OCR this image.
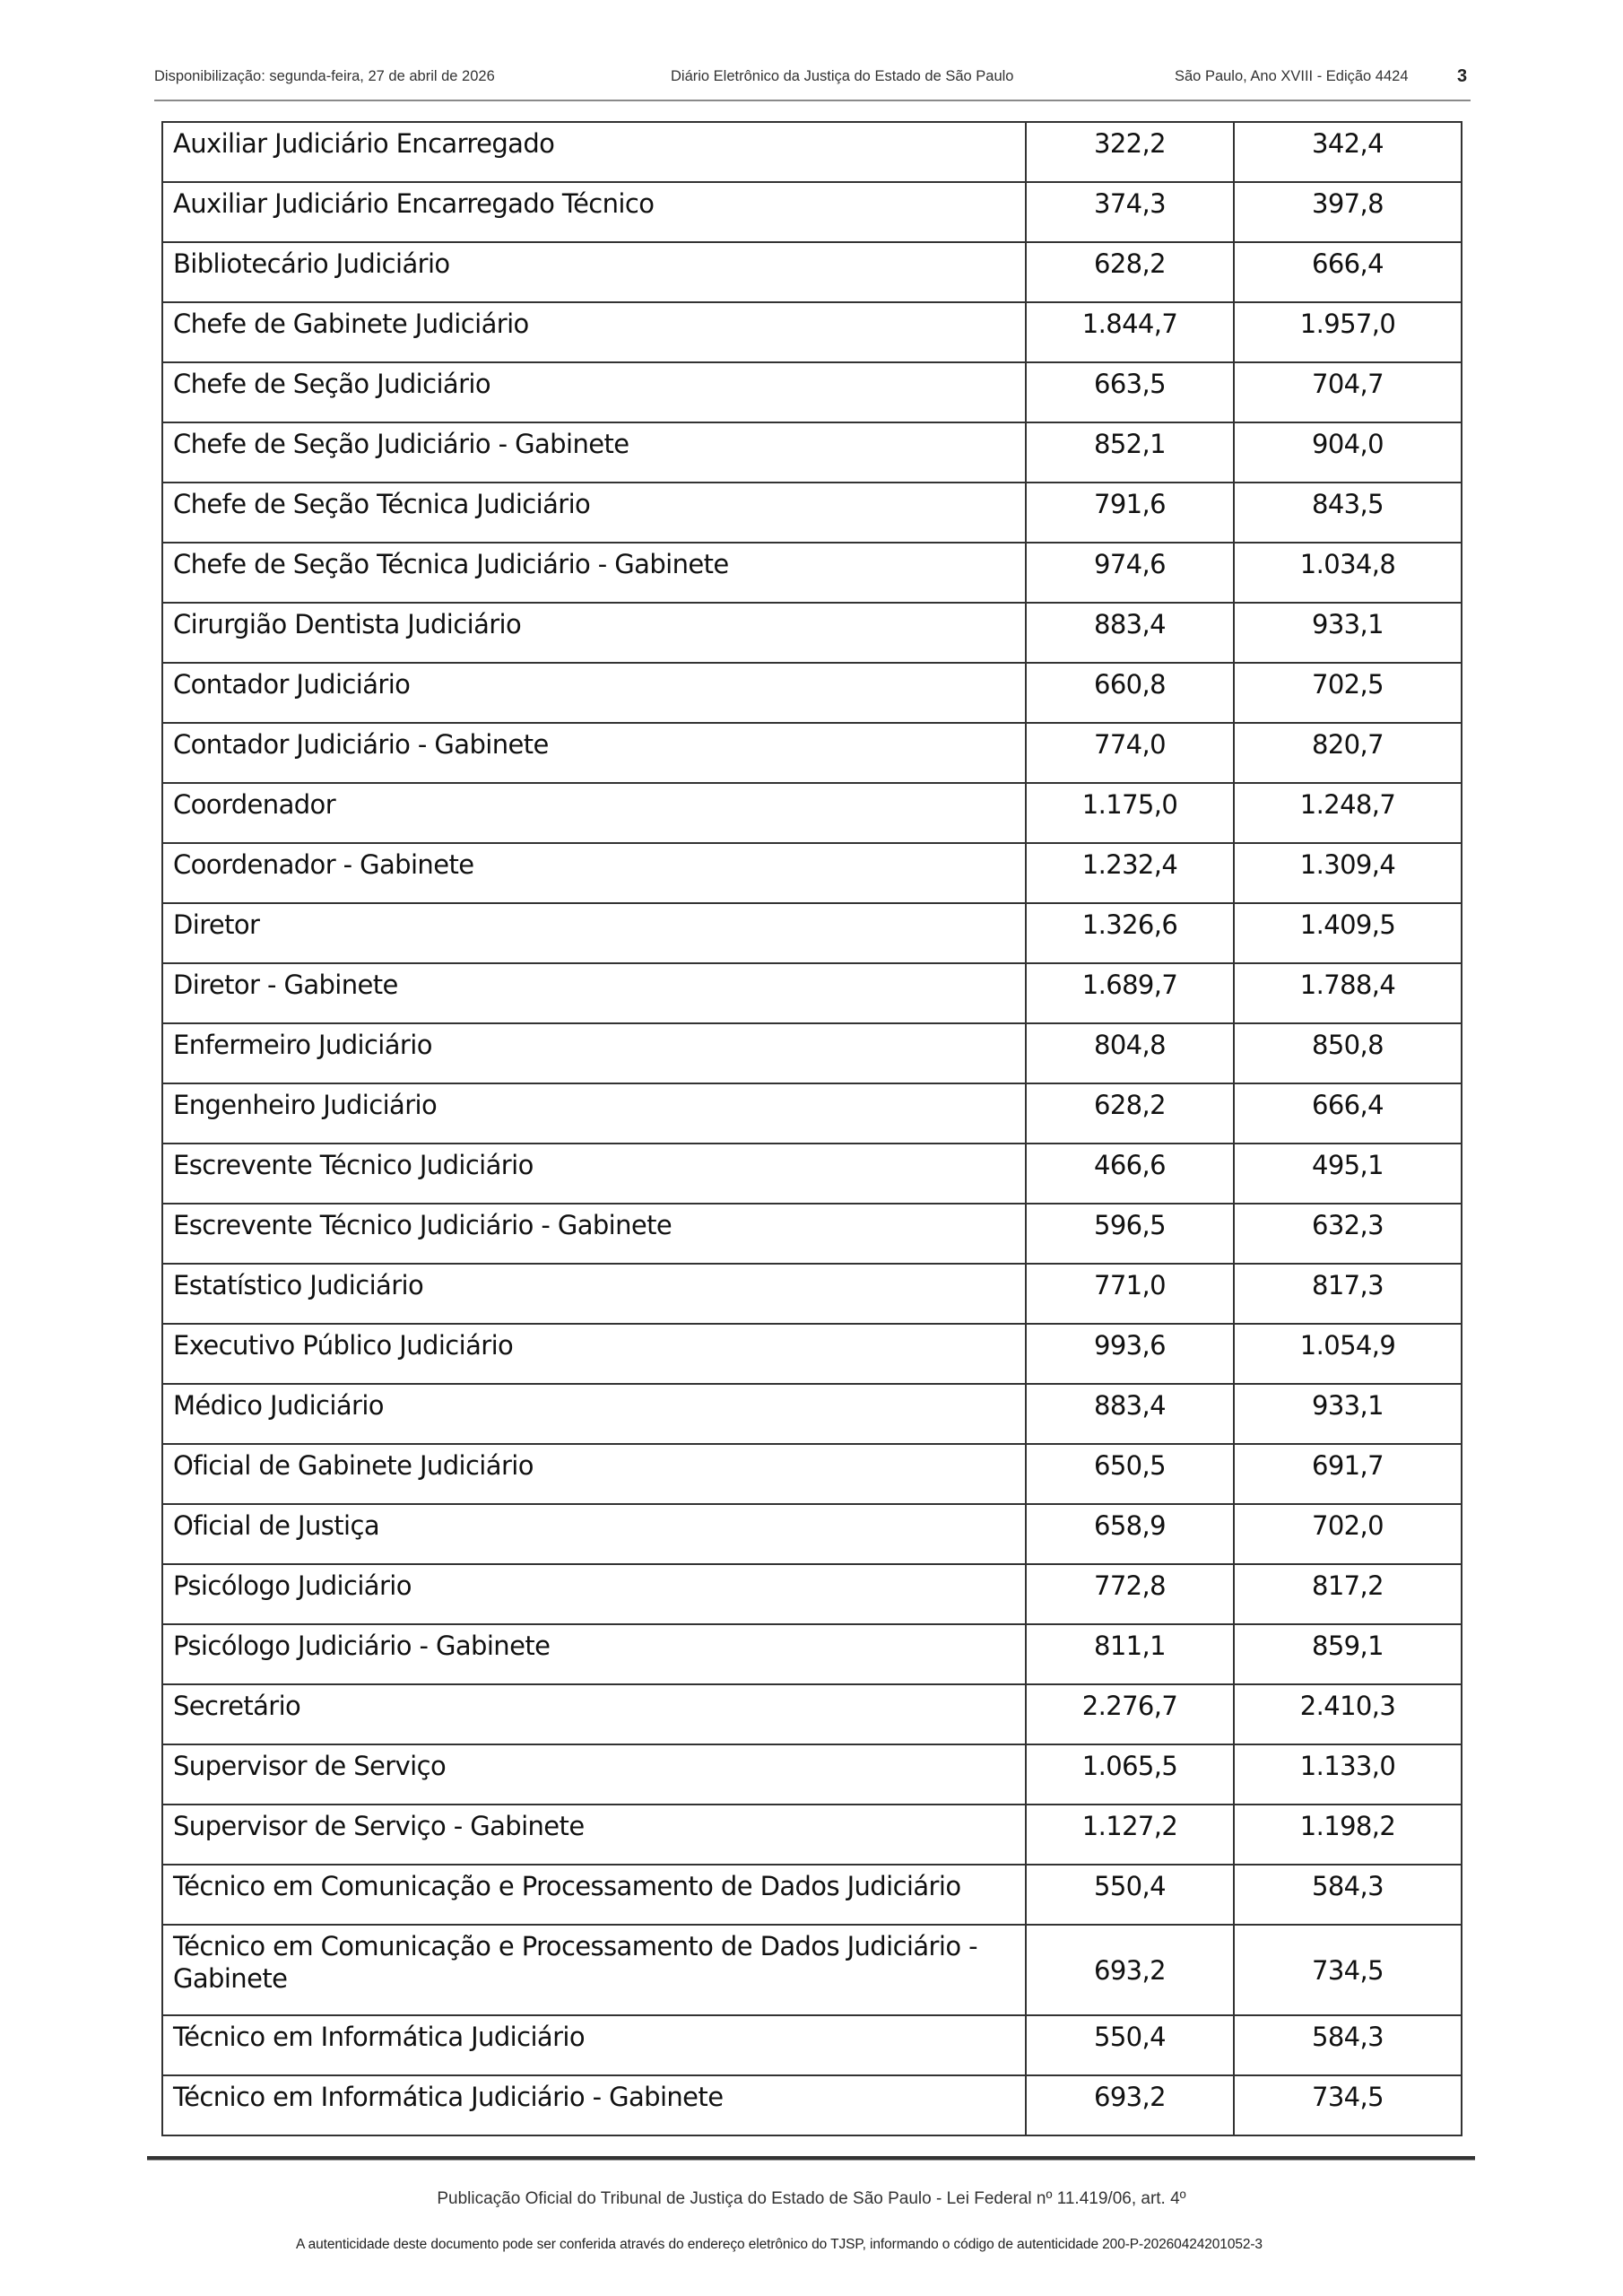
Disponibilização: segunda-feira, 27 de abril de 2026	Diário Eletrônico da Justiça do Estado de São Paulo	São Paulo, Ano XVIII - Edição 4424	3
Auxiliar Judiciário Encarregado	322,2	342,4
Auxiliar Judiciário Encarregado Técnico	374,3	397,8
Bibliotecário Judiciário	628,2	666,4
Chefe de Gabinete Judiciário	1.844,7	1.957,0
Chefe de Seção Judiciário	663,5	704,7
Chefe de Seção Judiciário - Gabinete	852,1	904,0
Chefe de Seção Técnica Judiciário	791,6	843,5
Chefe de Seção Técnica Judiciário - Gabinete	974,6	1.034,8
Cirurgião Dentista Judiciário	883,4	933,1
Contador Judiciário	660,8	702,5
Contador Judiciário - Gabinete	774,0	820,7
Coordenador	1.175,0	1.248,7
Coordenador - Gabinete	1.232,4	1.309,4
Diretor	1.326,6	1.409,5
Diretor - Gabinete	1.689,7	1.788,4
Enfermeiro Judiciário	804,8	850,8
Engenheiro Judiciário	628,2	666,4
Escrevente Técnico Judiciário	466,6	495,1
Escrevente Técnico Judiciário - Gabinete	596,5	632,3
Estatístico Judiciário	771,0	817,3
Executivo Público Judiciário	993,6	1.054,9
Médico Judiciário	883,4	933,1
Oficial de Gabinete Judiciário	650,5	691,7
Oficial de Justiça	658,9	702,0
Psicólogo Judiciário	772,8	817,2
Psicólogo Judiciário - Gabinete	811,1	859,1
Secretário	2.276,7	2.410,3
Supervisor de Serviço	1.065,5	1.133,0
Supervisor de Serviço - Gabinete	1.127,2	1.198,2
Técnico em Comunicação e Processamento de Dados Judiciário	550,4	584,3
Técnico em Comunicação e Processamento de Dados Judiciário - Gabinete	693,2	734,5
Técnico em Informática Judiciário	550,4	584,3
Técnico em Informática Judiciário - Gabinete	693,2	734,5
Publicação Oficial do Tribunal de Justiça do Estado de São Paulo - Lei Federal nº 11.419/06, art. 4º
A autenticidade deste documento pode ser conferida através do endereço eletrônico do TJSP, informando o código de autenticidade 200-P-20260424201052-3
